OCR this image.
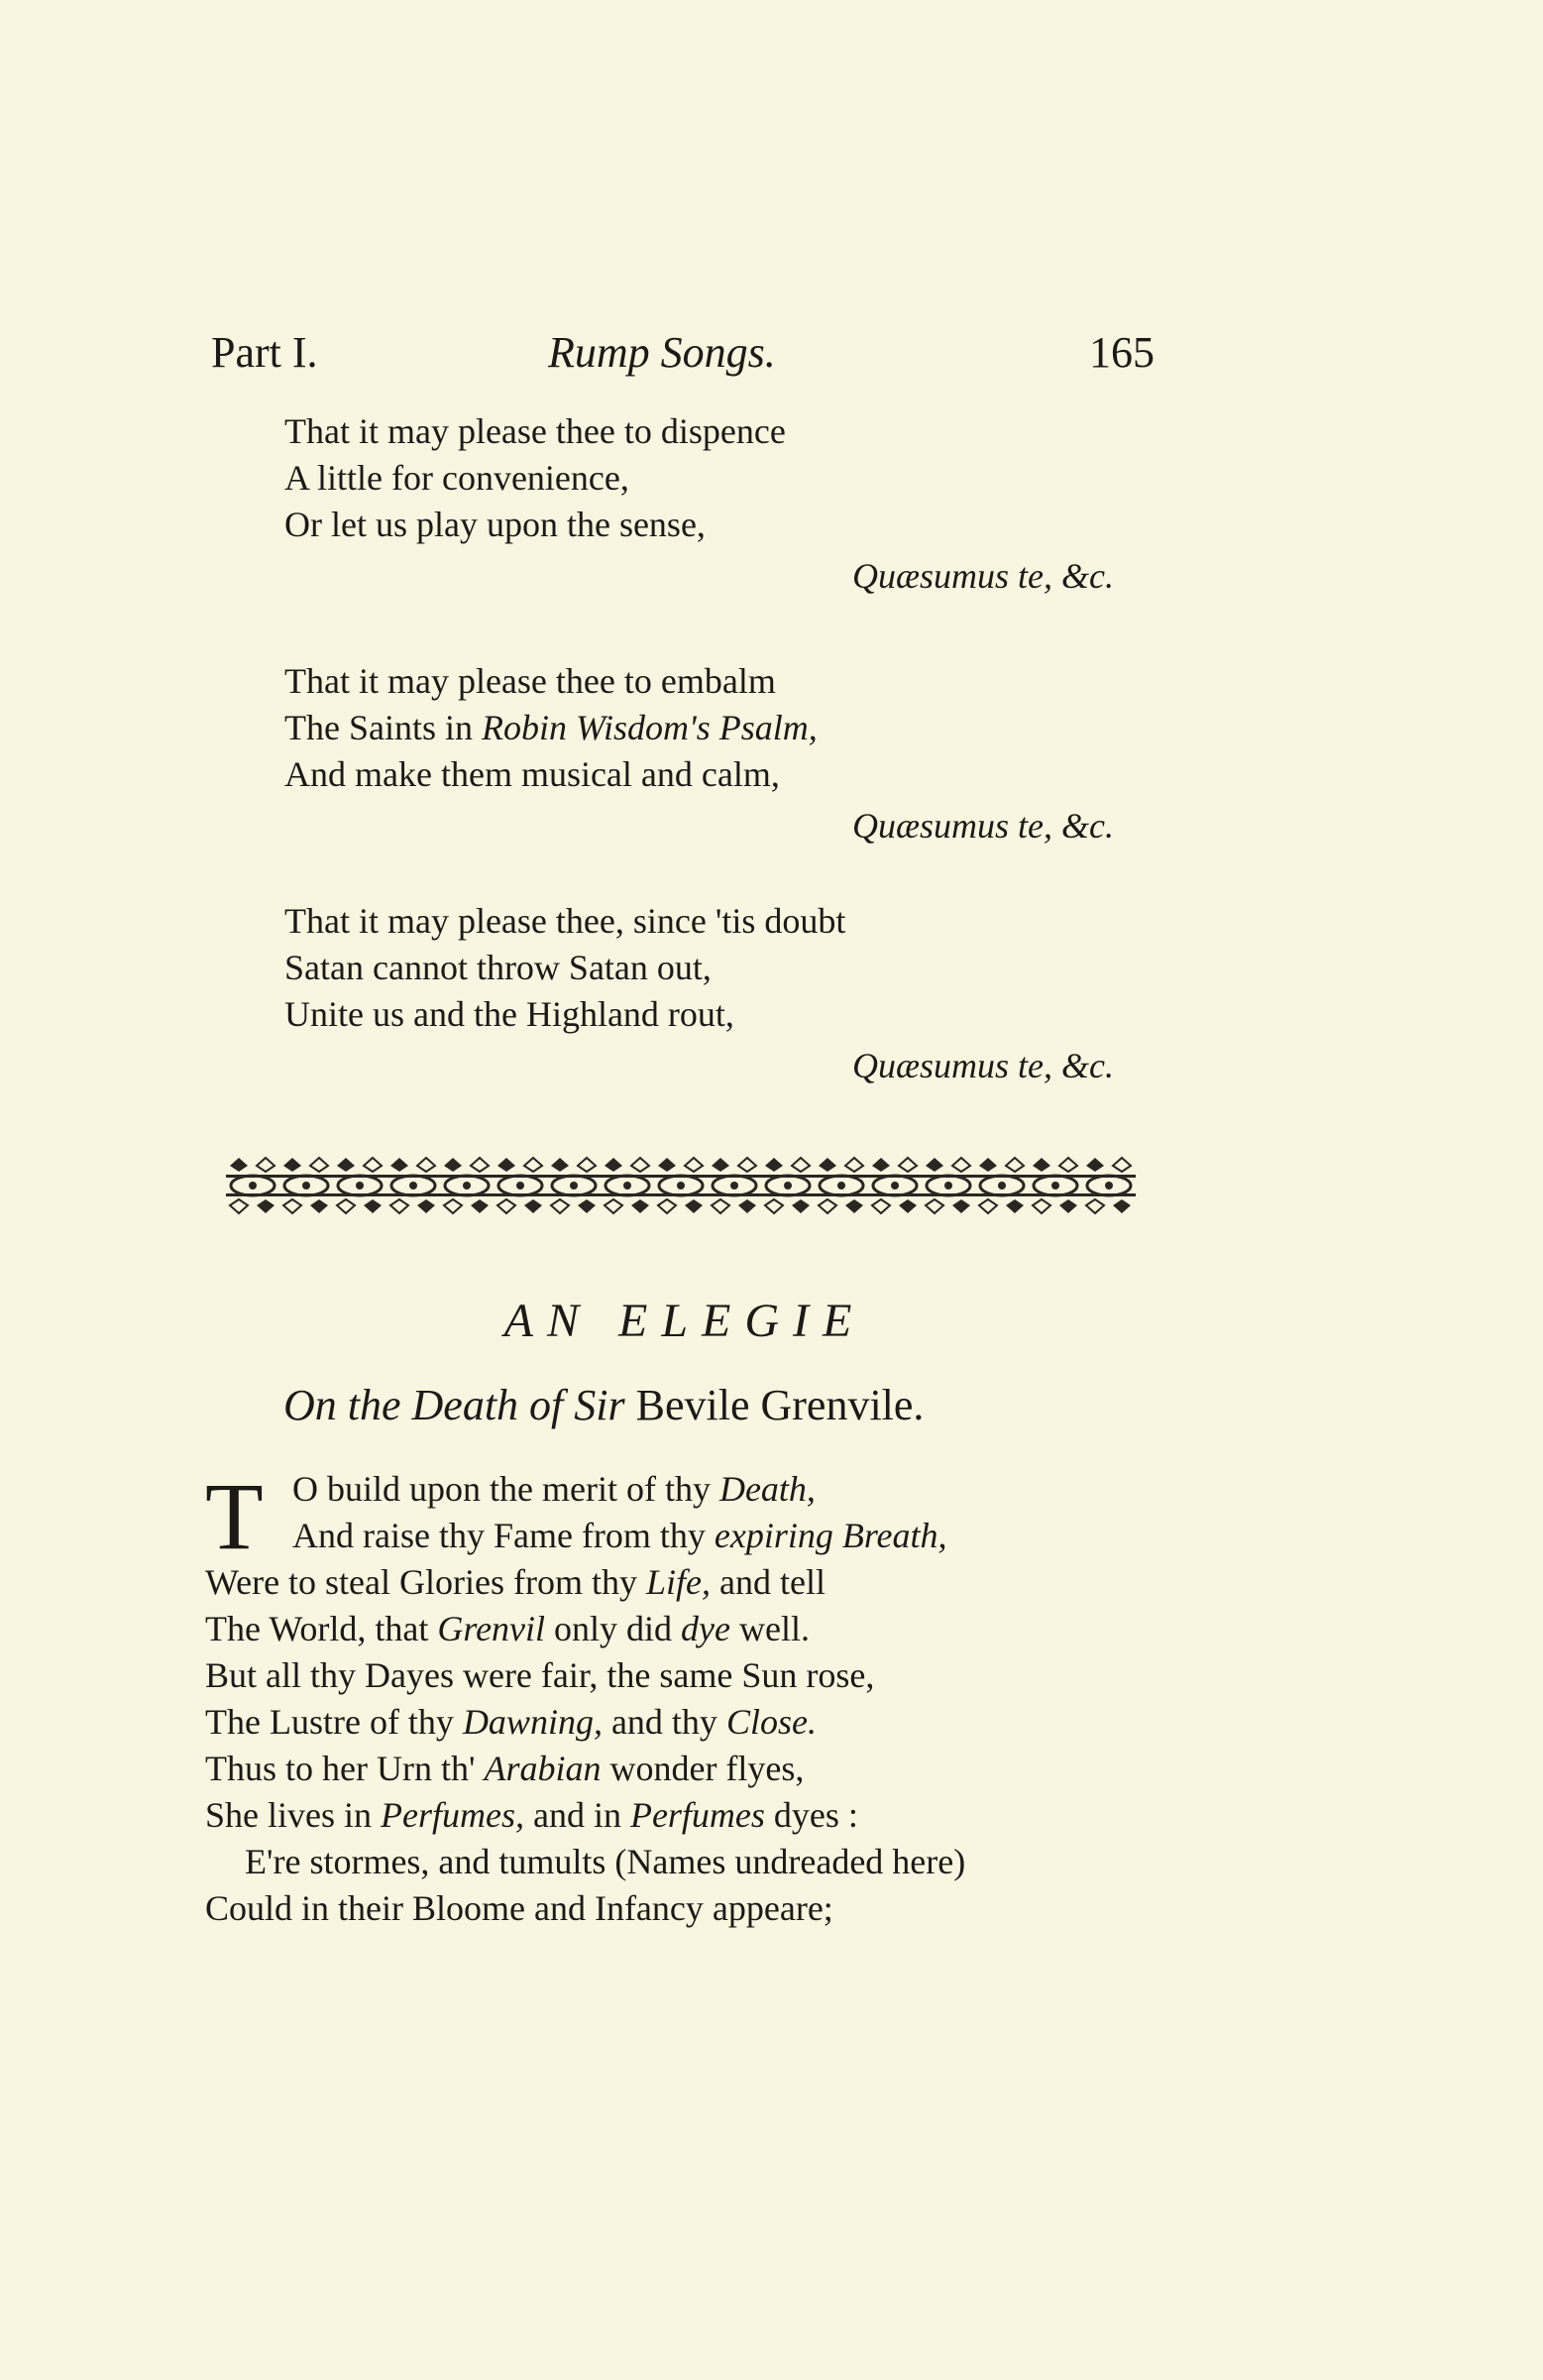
Part I.	Rump Songs.	165
That it may please thee to dispence
A little for convenience,
Or let us play upon the sense,
Quæsumus te, &c.
That it may please thee to embalm
The Saints in Robin Wisdom's Psalm,
And make them musical and calm,
Quæsumus te, &c.
That it may please thee, since 'tis doubt
Satan cannot throw Satan out,
Unite us and the Highland rout,
Quæsumus te, &c.
AN ELEGIE
On the Death of Sir Bevile Grenvile.
T O build upon the merit of thy Death,
And raise thy Fame from thy expiring Breath,
Were to steal Glories from thy Life, and tell
The World, that Grenvil only did dye well.
But all thy Dayes were fair, the same Sun rose,
The Lustre of thy Dawning, and thy Close.
Thus to her Urn th' Arabian wonder flyes,
She lives in Perfumes, and in Perfumes dyes :
E're stormes, and tumults (Names undreaded here)
Could in their Bloome and Infancy appeare;
